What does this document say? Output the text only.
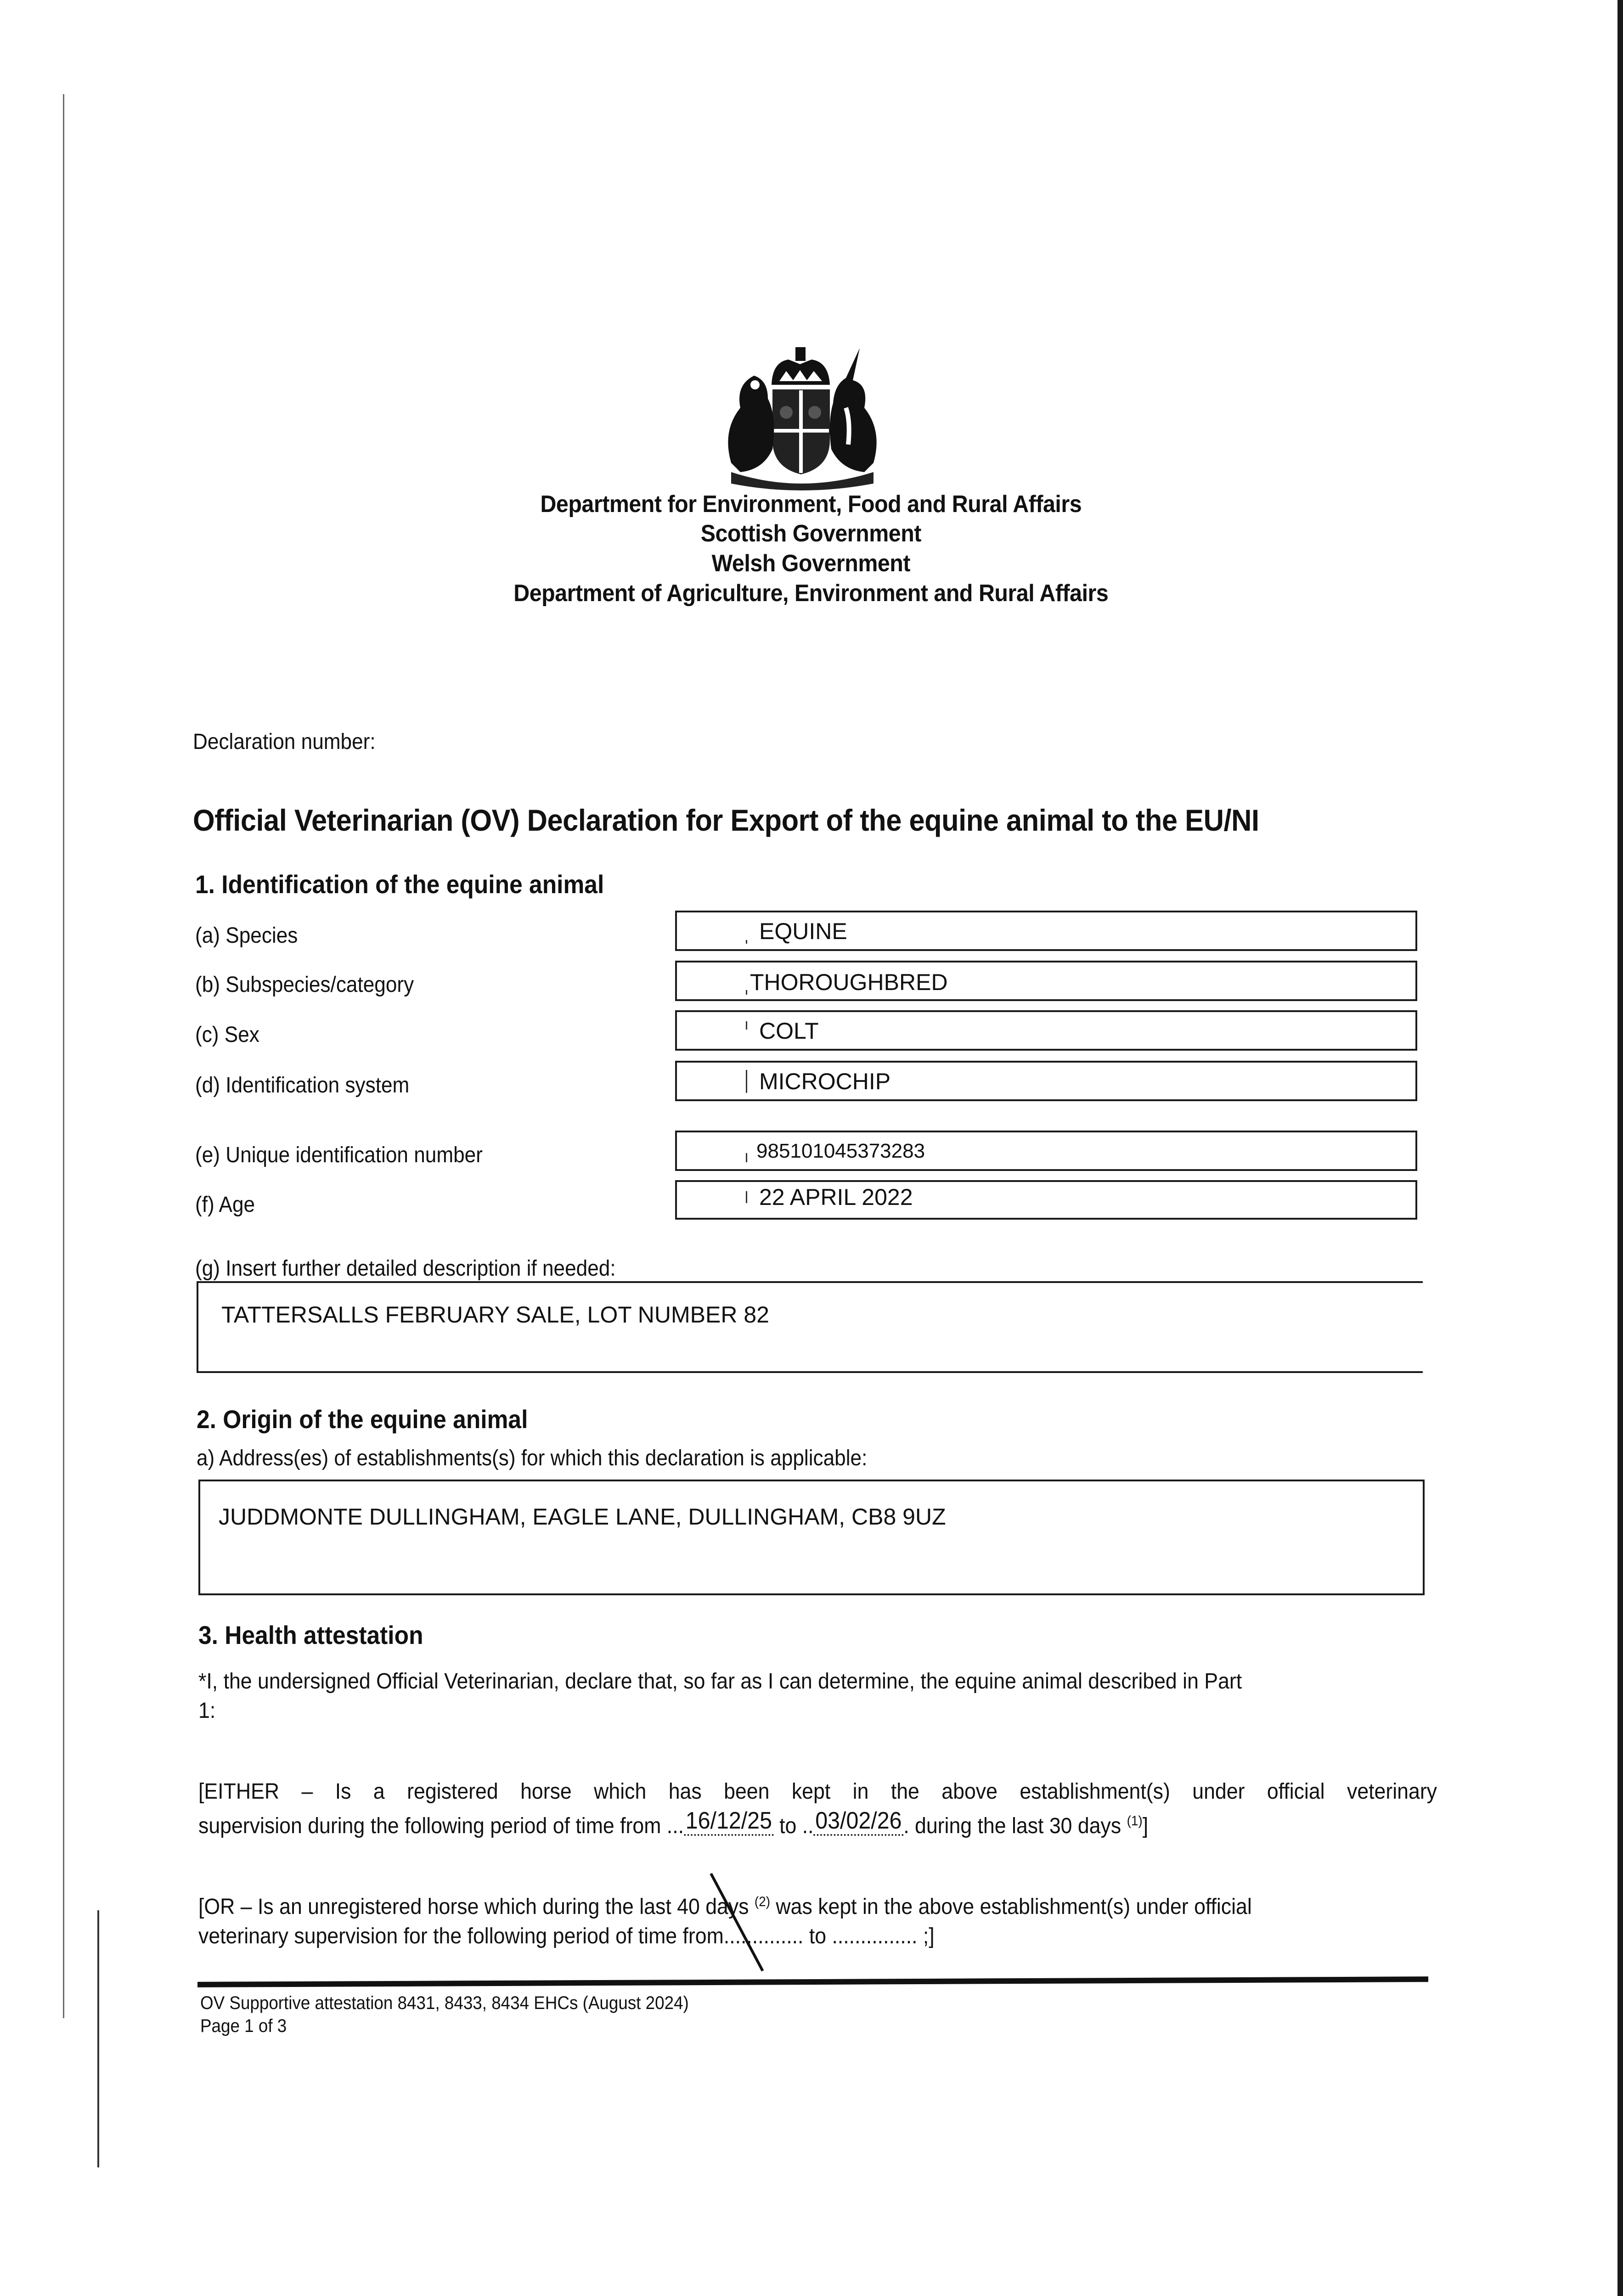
Department for Environment, Food and Rural Affairs
Scottish Government
Welsh Government
Department of Agriculture, Environment and Rural Affairs
Declaration number:
Official Veterinarian (OV) Declaration for Export of the equine animal to the EU/NI
1. Identification of the equine animal
(a) Species	EQUINE
(b) Subspecies/category	THOROUGHBRED
(c) Sex	COLT
(d) Identification system	MICROCHIP
(e) Unique identification number	985101045373283
(f) Age	22 APRIL 2022
(g) Insert further detailed description if needed:
TATTERSALLS FEBRUARY SALE, LOT NUMBER 82
2. Origin of the equine animal
a) Address(es) of establishments(s) for which this declaration is applicable:
JUDDMONTE DULLINGHAM, EAGLE LANE, DULLINGHAM, CB8 9UZ
3. Health attestation
*I, the undersigned Official Veterinarian, declare that, so far as I can determine, the equine animal described in Part
1:
[EITHER – Is a registered horse which has been kept in the above establishment(s) under official veterinary
supervision during the following period of time from ...16/12/25 to ..03/02/26. during the last 30 days $^{(1)}$]
[OR – Is an unregistered horse which during the last 40 days $^{(2)}$ was kept in the above establishment(s) under official
veterinary supervision for the following period of time from.............. to ............... ;]
OV Supportive attestation 8431, 8433, 8434 EHCs (August 2024)
Page 1 of 3
